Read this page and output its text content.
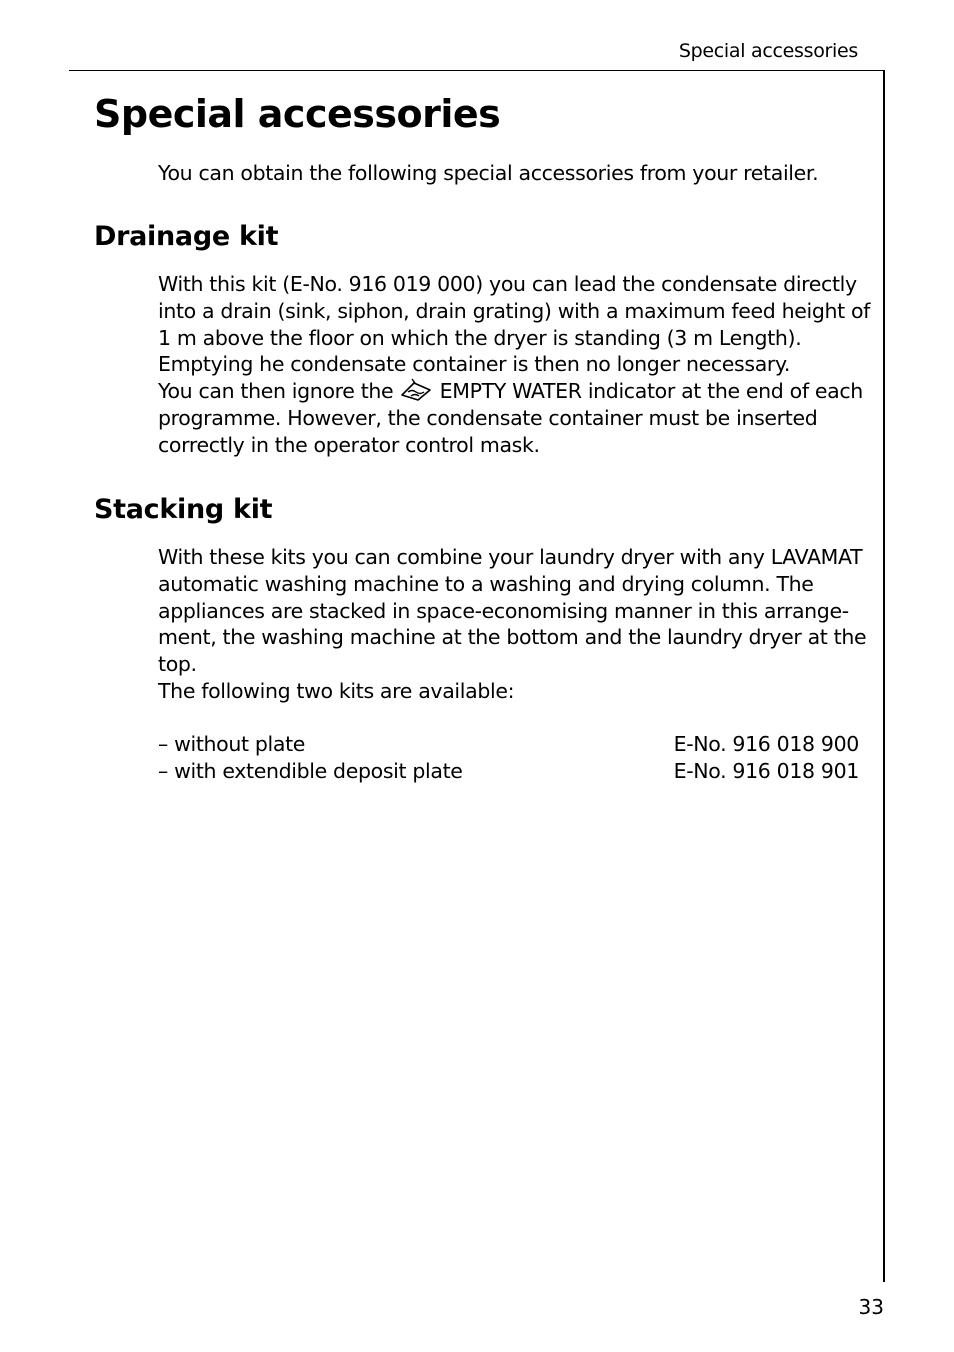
Special accessories
Special accessories
You can obtain the following special accessories from your retailer.
Drainage kit
With this kit (E-No. 916 019 000) you can lead the condensate directly
into a drain (sink, siphon, drain grating) with a maximum feed height of
1 m above the floor on which the dryer is standing (3 m Length).
Emptying he condensate container is then no longer necessary.
You can then ignore the  EMPTY WATER indicator at the end of each
programme. However, the condensate container must be inserted
correctly in the operator control mask.
Stacking kit
With these kits you can combine your laundry dryer with any LAVAMAT
automatic washing machine to a washing and drying column. The
appliances are stacked in space-economising manner in this arrange-
ment, the washing machine at the bottom and the laundry dryer at the
top.
The following two kits are available:
– without plate	E-No. 916 018 900
– with extendible deposit plate	E-No. 916 018 901
33
